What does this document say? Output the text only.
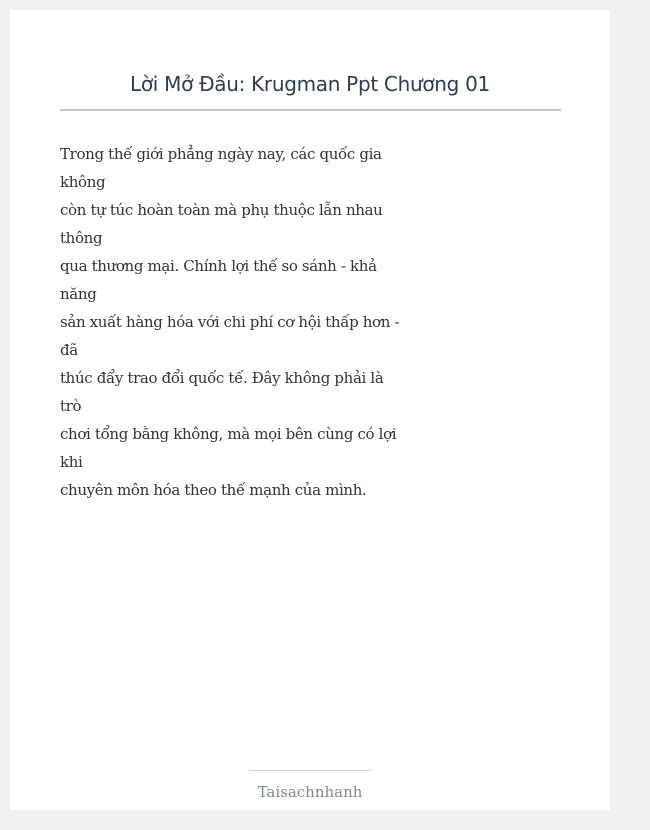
Lời Mở Đầu: Krugman Ppt Chương 01

Trong thế giới phẳng ngày nay, các quốc gia không
còn tự túc hoàn toàn mà phụ thuộc lẫn nhau thông
qua thương mại. Chính lợi thế so sánh - khả năng
sản xuất hàng hóa với chi phí cơ hội thấp hơn - đã
thúc đẩy trao đổi quốc tế. Đây không phải là trò
chơi tổng bằng không, mà mọi bên cùng có lợi khi
chuyên môn hóa theo thế mạnh của mình.

Taisachnhanh
